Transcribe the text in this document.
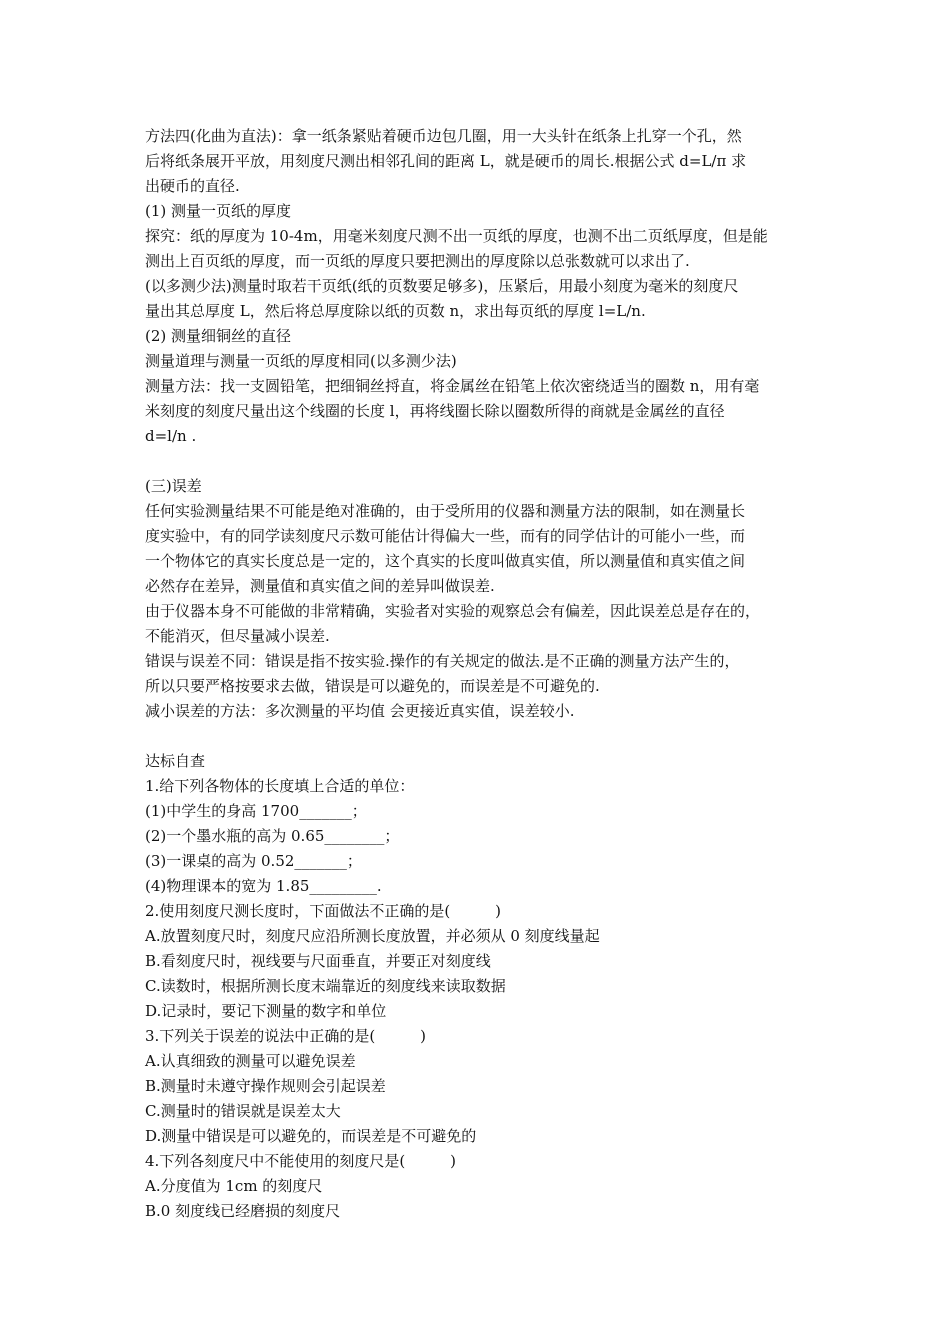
方法四(化曲为直法)：拿一纸条紧贴着硬币边包几圈，用一大头针在纸条上扎穿一个孔，然
后将纸条展开平放，用刻度尺测出相邻孔间的距离 L，就是硬币的周长.根据公式 d=L/π 求
出硬币的直径.
(1) 测量一页纸的厚度
探究：纸的厚度为 10-4m，用毫米刻度尺测不出一页纸的厚度，也测不出二页纸厚度，但是能
测出上百页纸的厚度，而一页纸的厚度只要把测出的厚度除以总张数就可以求出了.
(以多测少法)测量时取若干页纸(纸的页数要足够多)，压紧后，用最小刻度为毫米的刻度尺
量出其总厚度 L，然后将总厚度除以纸的页数 n，求出每页纸的厚度 l=L/n.
(2) 测量细铜丝的直径
测量道理与测量一页纸的厚度相同(以多测少法)
测量方法：找一支圆铅笔，把细铜丝捋直，将金属丝在铅笔上依次密绕适当的圈数 n，用有毫
米刻度的刻度尺量出这个线圈的长度 l，再将线圈长除以圈数所得的商就是金属丝的直径
d=l/n .
(三)误差
任何实验测量结果不可能是绝对准确的，由于受所用的仪器和测量方法的限制，如在测量长
度实验中，有的同学读刻度尺示数可能估计得偏大一些，而有的同学估计的可能小一些，而
一个物体它的真实长度总是一定的，这个真实的长度叫做真实值，所以测量值和真实值之间
必然存在差异，测量值和真实值之间的差异叫做误差.
由于仪器本身不可能做的非常精确，实验者对实验的观察总会有偏差，因此误差总是存在的，
不能消灭，但尽量减小误差.
错误与误差不同：错误是指不按实验.操作的有关规定的做法.是不正确的测量方法产生的，
所以只要严格按要求去做，错误是可以避免的，而误差是不可避免的.
减小误差的方法：多次测量的平均值 会更接近真实值，误差较小.
达标自查
1.给下列各物体的长度填上合适的单位：
(1)中学生的身高 1700_______；
(2)一个墨水瓶的高为 0.65________；
(3)一课桌的高为 0.52_______；
(4)物理课本的宽为 1.85_________.
2.使用刻度尺测长度时，下面做法不正确的是(　　　)
A.放置刻度尺时，刻度尺应沿所测长度放置，并必须从 0 刻度线量起
B.看刻度尺时，视线要与尺面垂直，并要正对刻度线
C.读数时，根据所测长度末端靠近的刻度线来读取数据
D.记录时，要记下测量的数字和单位
3.下列关于误差的说法中正确的是(　　　)
A.认真细致的测量可以避免误差
B.测量时未遵守操作规则会引起误差
C.测量时的错误就是误差太大
D.测量中错误是可以避免的，而误差是不可避免的
4.下列各刻度尺中不能使用的刻度尺是(　　　)
A.分度值为 1cm 的刻度尺
B.0 刻度线已经磨损的刻度尺
